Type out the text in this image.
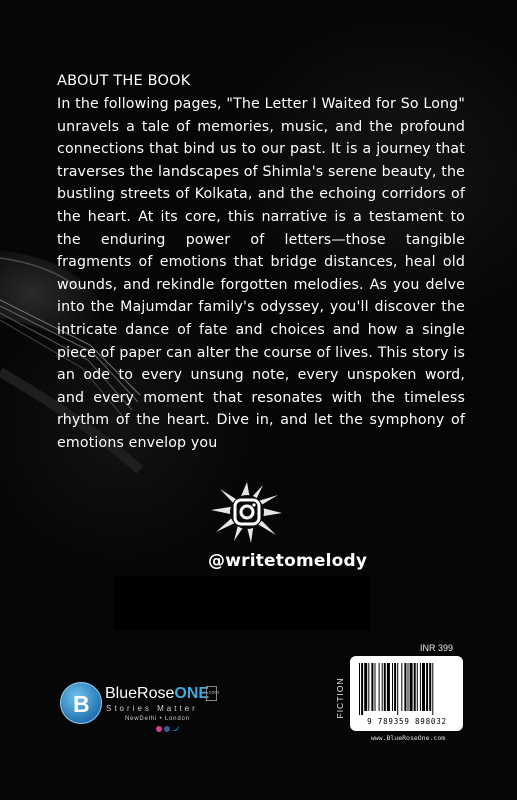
ABOUT THE BOOK

In the following pages, "The Letter I Waited for So Long" unravels a tale of memories, music, and the profound connections that bind us to our past. It is a journey that traverses the landscapes of Shimla's serene beauty, the bustling streets of Kolkata, and the echoing corridors of the heart. At its core, this narrative is a testament to the enduring power of letters—those tangible fragments of emotions that bridge distances, heal old wounds, and rekindle forgotten melodies. As you delve into the Majumdar family's odyssey, you'll discover the intricate dance of fate and choices and how a single piece of paper can alter the course of lives. This story is an ode to every unsung note, every unspoken word, and every moment that resonates with the timeless rhythm of the heart. Dive in, and let the symphony of emotions envelop you

@writetomelody
B BlueRoseONE
.com
Stories Matter
NewDelhi • London
INR 399
FICTION
9 789359 898032
www.BlueRoseOne.com
